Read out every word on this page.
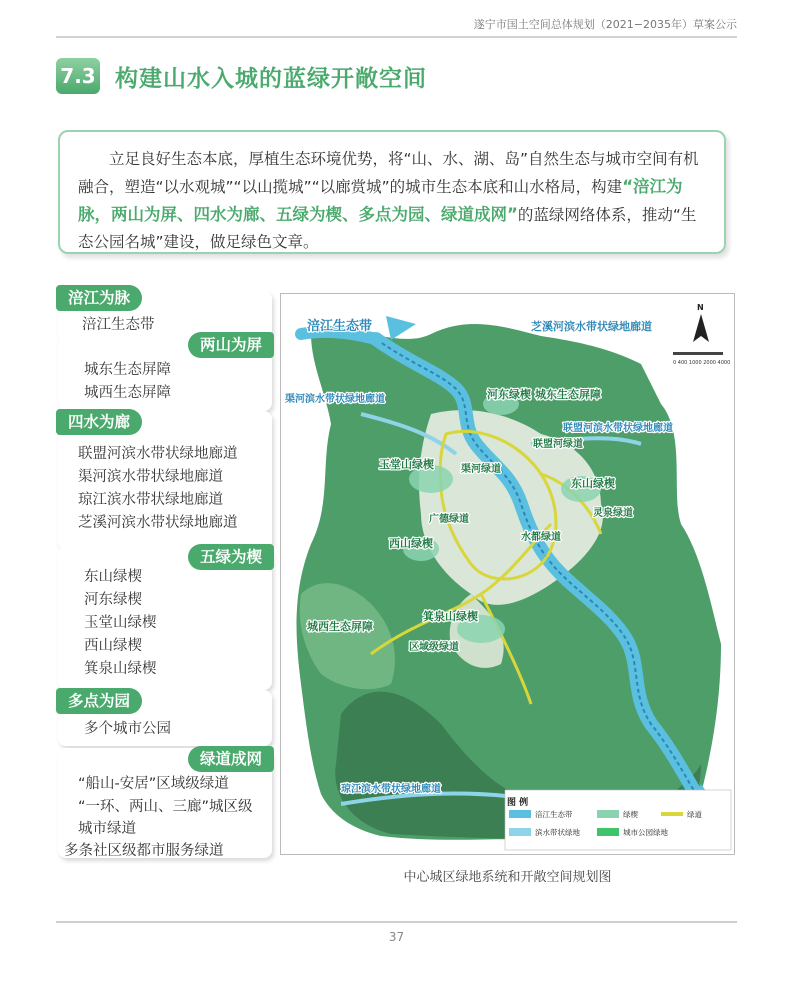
遂宁市国土空间总体规划（2021−2035年）草案公示
7.3 构建山水入城的蓝绿开敞空间

立足良好生态本底，厚植生态环境优势，将“山、水、湖、岛”自然生态与城市空间有机融合，塑造“以水观城”“以山揽城”“以廊赏城”的城市生态本底和山水格局，构建“涪江为脉，两山为屏、四水为廊、五绿为楔、多点为园、绿道成网”的蓝绿网络体系，推动“生态公园名城”建设，做足绿色文章。

涪江为脉
涪江生态带
两山为屏
城东生态屏障
城西生态屏障
四水为廊
联盟河滨水带状绿地廊道
渠河滨水带状绿地廊道
琼江滨水带状绿地廊道
芝溪河滨水带状绿地廊道
五绿为楔
东山绿楔
河东绿楔
玉堂山绿楔
西山绿楔
箕泉山绿楔
多点为园
多个城市公园
绿道成网
“船山-安居”区域级绿道
“一环、两山、三廊”城区级城市绿道
多条社区级都市服务绿道
N
0 400 1000 2000 4000
涪江生态带	芝溪河滨水带状绿地廊道
渠河滨水带状绿地廊道	河东绿楔 城东生态屏障
联盟河滨水带状绿地廊道
联盟河绿道
玉堂山绿楔	渠河绿道
东山绿楔
广德绿道
灵泉绿道
西山绿楔	水都绿道
城西生态屏障
箕泉山绿楔
区域级绿道
琼江滨水带状绿地廊道
图 例
涪江生态带	绿楔	绿道
滨水带状绿地	城市公园绿地
中心城区绿地系统和开敞空间规划图
37
